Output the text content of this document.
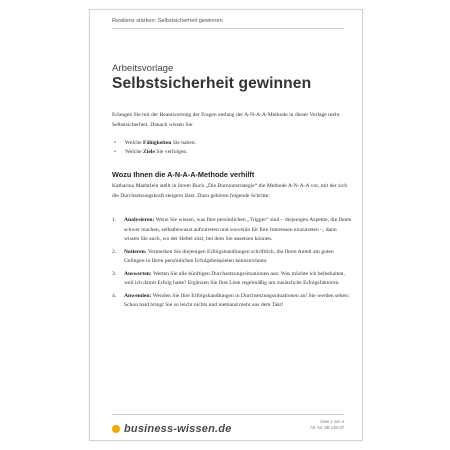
Resilienz stärken: Selbstsicherheit gewinnen
Arbeitsvorlage
Selbstsicherheit gewinnen
Erlangen Sie mit der Beantwortung der Fragen entlang der A-N-A-A-Methode in dieser Vorlage mehr Selbstsicherheit. Danach wissen Sie
• Welche Fähigkeiten Sie haben.
• Welche Ziele Sie verfolgen.
Wozu Ihnen die A-N-A-A-Methode verhilft
Katharina Maehrlein stellt in ihrem Buch „Die Burnoutstrategie“ die Methode A-N-A-A vor, mit der sich die Durchsetzungskraft steigern lässt. Dazu gehören folgende Schritte:
1. Analysieren: Wenn Sie wissen, was Ihre persönlichen „Trigger“ sind – diejenigen Aspekte, die Ihnen schwer machen, selbstbewusst aufzutreten und souverän für Ihre Interessen einzutreten –, dann wissen Sie auch, wo der Hebel sitzt, bei dem Sie ansetzen können.
2. Notieren: Vermerken Sie diejenigen Erfolgshandlungen schriftlich, die Ihren Anteil am guten Gelingen in Ihren persönlichen Erfolgsbeispielen kennzeichnen.
3. Auswerten: Werten Sie alle künftigen Durchsetzungssituationen aus: Was möchte ich beibehalten, weil ich damit Erfolg hatte? Ergänzen Sie Ihre Liste regelmäßig um zusätzliche Erfolgsfaktoren.
4. Anwenden: Wenden Sie Ihre Erfolgshandlungen in Durchsetzungssituationen an! Sie werden sehen: Schon bald bringt Sie so leicht nichts und niemand mehr aus dem Takt!
business-wissen.de
Seite 1 von 4
Art.-Nr. SB 14D.07
